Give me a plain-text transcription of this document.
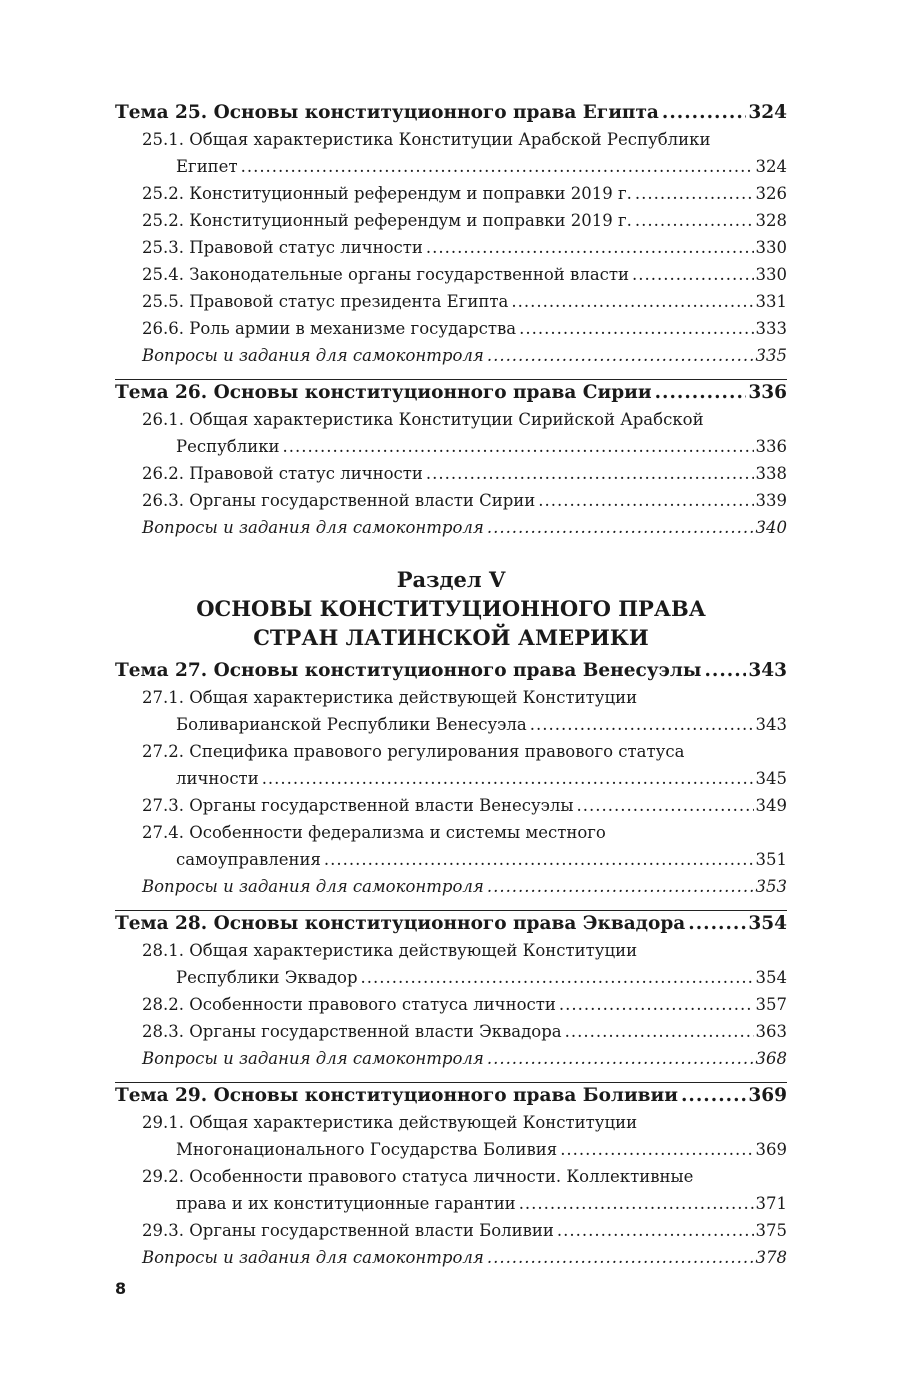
Тема 25. Основы конституционного права Египта .....	324
25.1. Общая характеристика Конституции Арабской Республики
Египет .....	324
25.2. Конституционный референдум и поправки 2019 г. .....	326
25.2. Конституционный референдум и поправки 2019 г. .....	328
25.3. Правовой статус личности .....	330
25.4. Законодательные органы государственной власти .....	330
25.5. Правовой статус президента Египта .....	331
26.6. Роль армии в механизме государства .....	333
Вопросы и задания для самоконтроля .....	335
Тема 26. Основы конституционного права Сирии .....	336
26.1. Общая характеристика Конституции Сирийской Арабской
Республики .....	336
26.2. Правовой статус личности .....	338
26.3. Органы государственной власти Сирии .....	339
Вопросы и задания для самоконтроля .....	340
Раздел V
ОСНОВЫ КОНСТИТУЦИОННОГО ПРАВА
СТРАН ЛАТИНСКОЙ АМЕРИКИ
Тема 27. Основы конституционного права Венесуэлы .....	343
27.1. Общая характеристика действующей Конституции
Боливарианской Республики Венесуэла .....	343
27.2. Специфика правового регулирования правового статуса
личности .....	345
27.3. Органы государственной власти Венесуэлы .....	349
27.4. Особенности федерализма и системы местного
самоуправления .....	351
Вопросы и задания для самоконтроля .....	353
Тема 28. Основы конституционного права Эквадора .....	354
28.1. Общая характеристика действующей Конституции
Республики Эквадор .....	354
28.2. Особенности правового статуса личности .....	357
28.3. Органы государственной власти Эквадора .....	363
Вопросы и задания для самоконтроля .....	368
Тема 29. Основы конституционного права Боливии .....	369
29.1. Общая характеристика действующей Конституции
Многонационального Государства Боливия .....	369
29.2. Особенности правового статуса личности. Коллективные
права и их конституционные гарантии .....	371
29.3. Органы государственной власти Боливии .....	375
Вопросы и задания для самоконтроля .....	378
8
